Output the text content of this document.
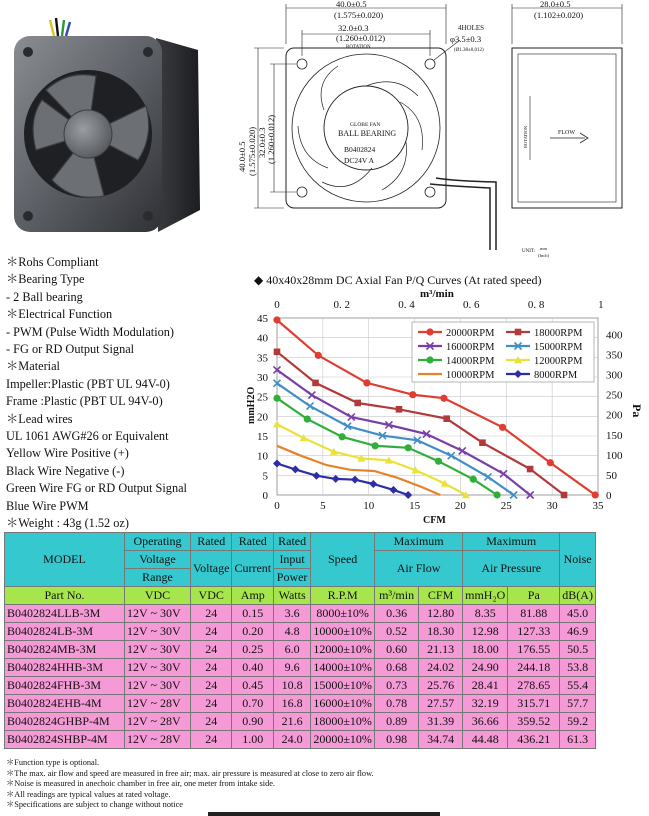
40.0±0.5
(1.575±0.020)
32.0±0.3
(1.260±0.012)
ROTATION
4HOLES
φ3.5±0.3
(Ø1.38±0.012)
40.0±0.5 (1.575±0.020) 32.0±0.3 (1.260±0.012)	GLOBE FAN
BALL BEARING
B0402824
DC24V A
28.0±0.5
(1.102±0.020)
ROTATION	FLOW
UNIT:
mm
(Inch)
＊Rohs Compliant
＊Bearing Type
- 2 Ball bearing
＊Electrical Function
- PWM (Pulse Width Modulation)
- FG or RD Output Signal
＊Material
Impeller:Plastic (PBT UL 94V-0)
Frame :Plastic (PBT UL 94V-0)
＊Lead wires
UL 1061 AWG#26 or Equivalent
Yellow Wire Positive (+)
Black Wire Negative (-)
Green Wire FG or RD Output Signal
Blue Wire PWM
＊Weight : 43g (1.52 oz)
◆ 40x40x28mm DC Axial Fan P/Q Curves (At rated speed)
m³/min
CFM
mmH2O	Pa
0	5	10	15	20	25	30	35
0
5
10
15
20
25
30
35
40
45
0
50
100
150
200
250
300
350
400
0	0. 2	0. 4	0. 6	0. 8	1
20000RPM	18000RPM
16000RPM	15000RPM
14000RPM	12000RPM
10000RPM	8000RPM
MODEL	Operating	Rated	Rated	Rated	Speed	Maximum		Maximum		Noise
	Voltage	Voltage	Current	Input		Air Flow		Air Pressure		
	Range			Power						
Part No.	VDC	VDC	Amp	Watts	R.P.M	m³/min	CFM	mmH₂O	Pa	dB(A)
B0402824LLB-3M	12V ~ 30V	24	0.15	3.6	8000±10%	0.36	12.80	8.35	81.88	45.0
B0402824LB-3M	12V ~ 30V	24	0.20	4.8	10000±10%	0.52	18.30	12.98	127.33	46.9
B0402824MB-3M	12V ~ 30V	24	0.25	6.0	12000±10%	0.60	21.13	18.00	176.55	50.5
B0402824HHB-3M	12V ~ 30V	24	0.40	9.6	14000±10%	0.68	24.02	24.90	244.18	53.8
B0402824FHB-3M	12V ~ 30V	24	0.45	10.8	15000±10%	0.73	25.76	28.41	278.65	55.4
B0402824EHB-4M	12V ~ 28V	24	0.70	16.8	16000±10%	0.78	27.57	32.19	315.71	57.7
B0402824GHBP-4M	12V ~ 28V	24	0.90	21.6	18000±10%	0.89	31.39	36.66	359.52	59.2
B0402824SHBP-4M	12V ~ 28V	24	1.00	24.0	20000±10%	0.98	34.74	44.48	436.21	61.3
＊Function type is optional.
＊The max. air flow and speed are measured in free air; max. air pressure is measured at close to zero air flow.
＊Noise is measured in anechoic chamber in free air, one meter from intake side.
＊All readings are typical values at rated voltage.
＊Specifications are subject to change without notice
